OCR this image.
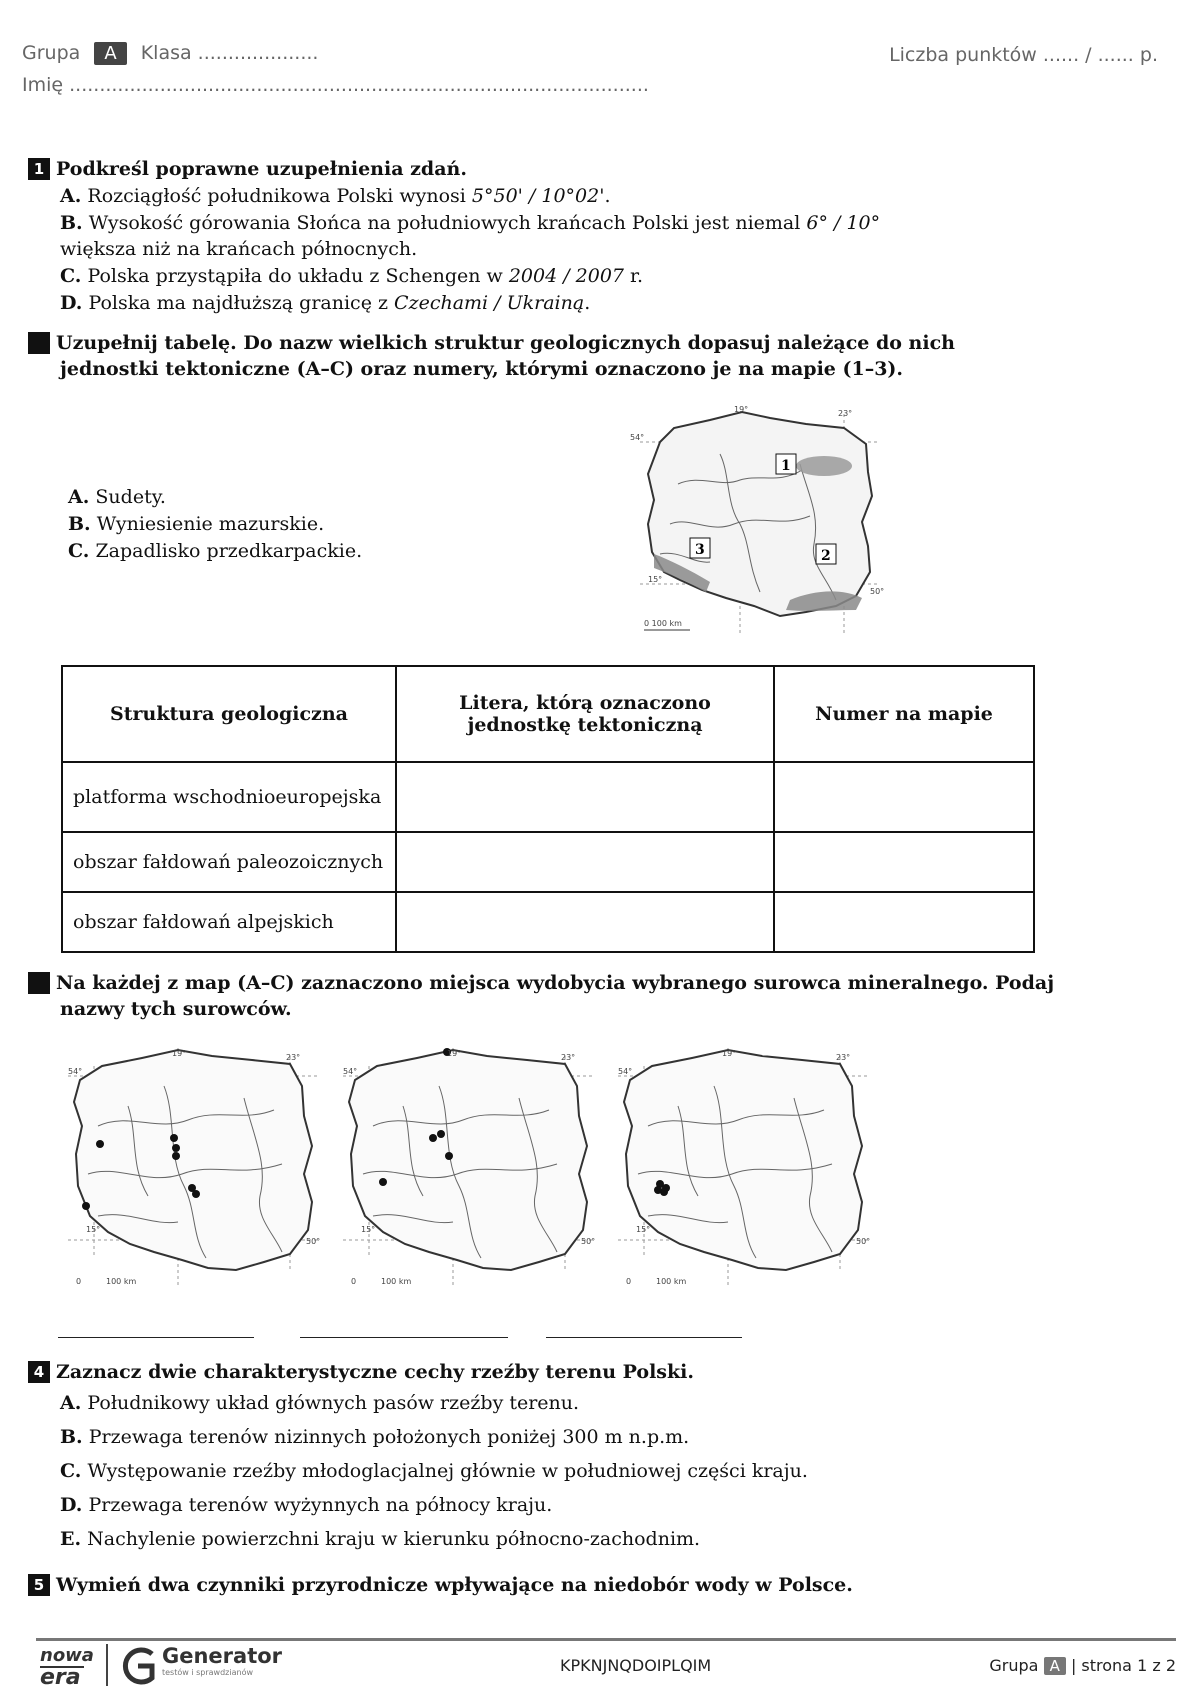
Grupa A Klasa ....................
Imię ................................................................................................
Liczba punktów ...... / ...... p.
1 Podkreśl poprawne uzupełnienia zdań.
A. Rozciągłość południkowa Polski wynosi 5°50' / 10°02'.
B. Wysokość górowania Słońca na południowych krańcach Polski jest niemal 6° / 10° większa niż na krańcach północnych.
C. Polska przystąpiła do układu z Schengen w 2004 / 2007 r.
D. Polska ma najdłuższą granicę z Czechami / Ukrainą.
2 Uzupełnij tabelę. Do nazw wielkich struktur geologicznych dopasuj należące do nich jednostki tektoniczne (A–C) oraz numery, którymi oznaczono je na mapie (1–3).
A. Sudety.
B. Wyniesienie mazurskie.
C. Zapadlisko przedkarpackie.
1
2
3
19°	23°
54°
50°
15°
0 100 km
Struktura geologiczna	Litera, którą oznaczono jednostkę tektoniczną	Numer na mapie
platforma wschodnioeuropejska		
obszar fałdowań paleozoicznych		
obszar fałdowań alpejskich		
3 Na każdej z map (A–C) zaznaczono miejsca wydobycia wybranego surowca mineralnego. Podaj nazwy tych surowców.
19°	23°
54°
50°
15°
0	100 km
19°	23°
54°
50°
15°
0	100 km
19°	23°
54°
50°
15°
0	100 km
4 Zaznacz dwie charakterystyczne cechy rzeźby terenu Polski.
A. Południkowy układ głównych pasów rzeźby terenu.
B. Przewaga terenów nizinnych położonych poniżej 300 m n.p.m.
C. Występowanie rzeźby młodoglacjalnej głównie w południowej części kraju.
D. Przewaga terenów wyżynnych na północy kraju.
E. Nachylenie powierzchni kraju w kierunku północno-zachodnim.
5 Wymień dwa czynniki przyrodnicze wpływające na niedobór wody w Polsce.
nowa
era
Generator
testów i sprawdzianów	KPKNJNQDOIPLQIM	Grupa A | strona 1 z 2
